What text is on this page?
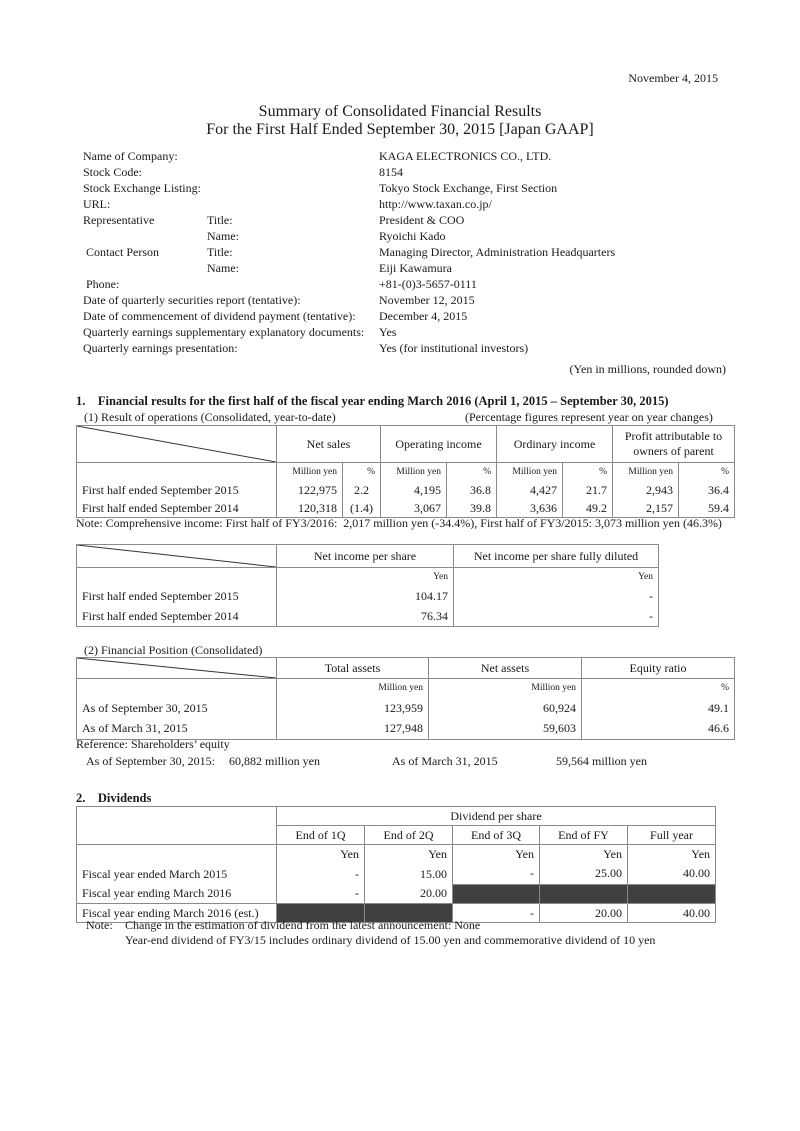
November 4, 2015
Summary of Consolidated Financial Results
For the First Half Ended September 30, 2015 [Japan GAAP]
Name of Company:	KAGA ELECTRONICS CO., LTD.
Stock Code:	8154
Stock Exchange Listing:	Tokyo Stock Exchange, First Section
URL:	http://www.taxan.co.jp/
Representative	Title:	President & COO
Name:	Ryoichi Kado
Contact Person	Title:	Managing Director, Administration Headquarters
Name:	Eiji Kawamura
Phone:	+81-(0)3-5657-0111
Date of quarterly securities report (tentative):	November 12, 2015
Date of commencement of dividend payment (tentative): December 4, 2015
Quarterly earnings supplementary explanatory documents: Yes
Quarterly earnings presentation:	Yes (for institutional investors)
(Yen in millions, rounded down)
1.    Financial results for the first half of the fiscal year ending March 2016 (April 1, 2015 – September 30, 2015)
(1) Result of operations (Consolidated, year-to-date)	(Percentage figures represent year on year changes)
	Net sales		Operating income		Ordinary income		Profit attributable to
owners of parent	

	Million yen	%	Million yen	%	Million yen	%	Million yen	%
First half ended September 2015	122,975	2.2	4,195	36.8	4,427	21.7	2,943	36.4
First half ended September 2014	120,318	(1.4)	3,067	39.8	3,636	49.2	2,157	59.4
Note: Comprehensive income: First half of FY3/2016:  2,017 million yen (-34.4%), First half of FY3/2015: 3,073 million yen (46.3%)
	Net income per share	Net income per share fully diluted
	Yen	Yen
First half ended September 2015	104.17	-
First half ended September 2014	76.34	-
(2) Financial Position (Consolidated)
	Total assets	Net assets	Equity ratio
	Million yen	Million yen	%
As of September 30, 2015	123,959	60,924	49.1
As of March 31, 2015	127,948	59,603	46.6
Reference: Shareholders’ equity
As of September 30, 2015: 60,882 million yen	As of March 31, 2015	59,564 million yen
2.    Dividends
	Dividend per share				
	End of 1Q	End of 2Q	End of 3Q	End of FY	Full year
	Yen	Yen	Yen	Yen	Yen
Fiscal year ended March 2015	-	15.00	-	25.00	40.00
Fiscal year ending March 2016	-	20.00			
Fiscal year ending March 2016 (est.)			-	20.00	40.00
Note: Change in the estimation of dividend from the latest announcement: None
Year-end dividend of FY3/15 includes ordinary dividend of 15.00 yen and commemorative dividend of 10 yen
